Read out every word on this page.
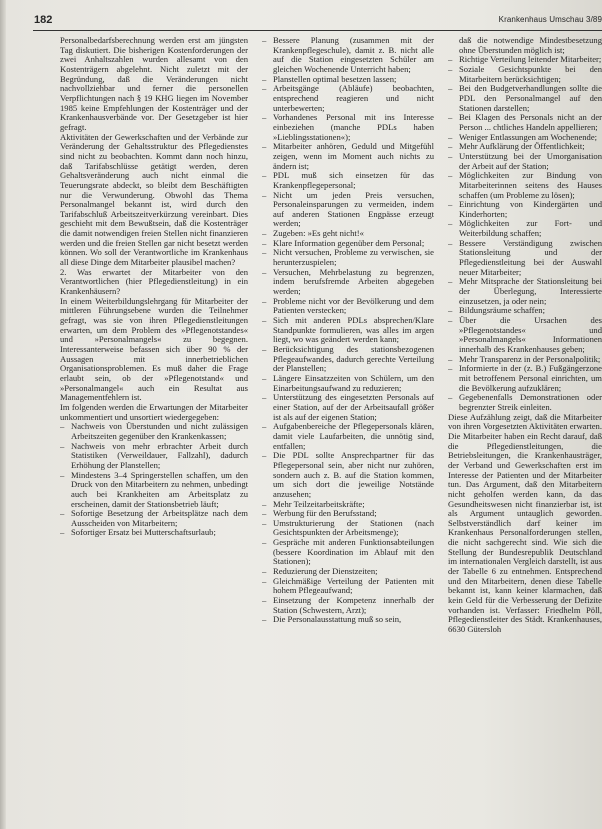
182	Krankenhaus Umschau 3/89

Personalbedarfsberechnung werden erst am jüngsten Tag diskutiert. Die bisherigen Kostenforderungen der zwei Anhaltszahlen wurden allesamt von den Kostenträgern abgelehnt. Nicht zuletzt mit der Begründung, daß die Veränderungen nicht nachvollziehbar und ferner die personellen Verpflichtungen nach § 19 KHG liegen im November 1985 keine Empfehlungen der Kostenträger und der Krankenhausverbände vor. Der Gesetzgeber ist hier gefragt.

Aktivitäten der Gewerkschaften und der Verbände zur Veränderung der Gehaltsstruktur des Pflegedienstes sind nicht zu beobachten. Kommt dann noch hinzu, daß Tarifabschlüsse getätigt werden, deren Gehaltsveränderung auch nicht einmal die Teuerungsrate abdeckt, so bleibt dem Beschäftigten nur die Verwunderung. Obwohl das Thema Personalmangel bekannt ist, wird durch den Tarifabschluß Arbeitszeitverkürzung vereinbart. Dies geschieht mit dem Bewußtsein, daß die Kostenträger die damit notwendigen freien Stellen nicht finanzieren werden und die freien Stellen gar nicht besetzt werden können. Wo soll der Verantwortliche im Krankenhaus all diese Dinge dem Mitarbeiter plausibel machen?

2. Was erwartet der Mitarbeiter von den Verantwortlichen (hier Pflegedienstleitung) in ein Krankenhäusern?

In einem Weiterbildungslehrgang für Mitarbeiter der mittleren Führungsebene wurden die Teilnehmer gefragt, was sie von ihren Pflegedienstleitungen erwarten, um dem Problem des »Pflegenotstandes« und »Personalmangels« zu begegnen. Interessanterweise befassen sich über 90 % der Aussagen mit innerbetrieblichen Organisationsproblemen. Es muß daher die Frage erlaubt sein, ob der »Pflegenotstand« und »Personalmangel« auch ein Resultat aus Managementfehlern ist.

Im folgenden werden die Erwartungen der Mitarbeiter unkommentiert und unsortiert wiedergegeben:

– Nachweis von Überstunden und nicht zulässigen Arbeitszeiten gegenüber den Krankenkassen;
– Nachweis von mehr erbrachter Arbeit durch Statistiken (Verweildauer, Fallzahl), dadurch Erhöhung der Planstellen;
– Mindestens 3–4 Springerstellen schaffen, um den Druck von den Mitarbeitern zu nehmen, unbedingt auch bei Krankheiten am Arbeitsplatz zu erscheinen, damit der Stationsbetrieb läuft;
– Sofortige Besetzung der Arbeitsplätze nach dem Ausscheiden von Mitarbeitern;
– Sofortiger Ersatz bei Mutterschaftsurlaub;
– Bessere Planung (zusammen mit der Krankenpflegeschule), damit z. B. nicht alle auf die Station eingesetzten Schüler am gleichen Wochenende Unterricht haben;
– Planstellen optimal besetzen lassen;
– Arbeitsgänge (Abläufe) beobachten, entsprechend reagieren und nicht unterbewerten;
– Vorhandenes Personal mit ins Interesse einbeziehen (manche PDLs haben »Lieblingsstationen«);
– Mitarbeiter anhören, Geduld und Mitgefühl zeigen, wenn im Moment auch nichts zu ändern ist;
– PDL muß sich einsetzen für das Krankenpflegepersonal;
– Nicht um jeden Preis versuchen, Personaleinsparungen zu vermeiden, indem auf anderen Stationen Engpässe erzeugt werden;
– Zugeben: »Es geht nicht!«
– Klare Information gegenüber dem Personal;
– Nicht versuchen, Probleme zu verwischen, sie herunterzuspielen;
– Versuchen, Mehrbelastung zu begrenzen, indem berufsfremde Arbeiten abgegeben werden;
– Probleme nicht vor der Bevölkerung und dem Patienten verstecken;
– Sich mit anderen PDLs absprechen/Klare Standpunkte formulieren, was alles im argen liegt, wo was geändert werden kann;
– Berücksichtigung des stationsbezogenen Pflegeaufwandes, dadurch gerechte Verteilung der Planstellen;
– Längere Einsatzzeiten von Schülern, um den Einarbeitungsaufwand zu reduzieren;
– Unterstützung des eingesetzten Personals auf einer Station, auf der der Arbeitsaufall größer ist als auf der eigenen Station;
– Aufgabenbereiche der Pflegepersonals klären, damit viele Laufarbeiten, die unnötig sind, entfallen;
– Die PDL sollte Ansprechpartner für das Pflegepersonal sein, aber nicht nur zuhören, sondern auch z. B. auf die Station kommen, um sich dort die jeweilige Notstände anzusehen;
– Mehr Teilzeitarbeitskräfte;
– Werbung für den Berufsstand;
– Umstrukturierung der Stationen (nach Gesichtspunkten der Arbeitsmenge);
– Gespräche mit anderen Funktionsabteilungen (bessere Koordination im Ablauf mit den Stationen);
– Reduzierung der Dienstzeiten;
– Gleichmäßige Verteilung der Patienten mit hohem Pflegeaufwand;
– Einsetzung der Kompetenz innerhalb der Station (Schwestern, Arzt);
– Die Personalausstattung muß so sein,
daß die notwendige Mindestbesetzung ohne Überstunden möglich ist;
– Richtige Verteilung leitender Mitarbeiter;
– Soziale Gesichtspunkte bei den Mitarbeitern berücksichtigen;
– Bei den Budgetverhandlungen sollte die PDL den Personalmangel auf den Stationen darstellen;
– Bei Klagen des Personals nicht an der Person ... chtliches Handeln appellieren;
– Weniger Entlassungen am Wochenende;
– Mehr Aufklärung der Öffentlichkeit;
– Unterstützung bei der Umorganisation der Arbeit auf der Station;
– Möglichkeiten zur Bindung von Mitarbeiterinnen seitens des Hauses schaffen (um Probleme zu lösen);
– Einrichtung von Kindergärten und Kinderhorten;
– Möglichkeiten zur Fort- und Weiterbildung schaffen;
– Bessere Verständigung zwischen Stationsleitung und der Pflegedienstleitung bei der Auswahl neuer Mitarbeiter;
– Mehr Mitsprache der Stationsleitung bei der Überlegung, Interessierte einzusetzen, ja oder nein;
– Bildungsräume schaffen;
– Über die Ursachen des »Pflegenotstandes« und »Personalmangels« Informationen innerhalb des Krankenhauses geben;
– Mehr Transparenz in der Personalpolitik;
– Informierte in der (z. B.) Fußgängerzone mit betroffenem Personal einrichten, um die Bevölkerung aufzuklären;
– Gegebenenfalls Demonstrationen oder begrenzter Streik einleiten.

Diese Aufzählung zeigt, daß die Mitarbeiter von ihren Vorgesetzten Aktivitäten erwarten. Die Mitarbeiter haben ein Recht darauf, daß die Pflegedienstleitungen, die Betriebsleitungen, die Krankenhausträger, der Verband und Gewerkschaften erst im Interesse der Patienten und der Mitarbeiter tun. Das Argument, daß den Mitarbeitern nicht geholfen werden kann, da das Gesundheitswesen nicht finanzierbar ist, ist als Argument untauglich geworden. Selbstverständlich darf keiner im Krankenhaus Personalforderungen stellen, die nicht sachgerecht sind. Wie sich die Stellung der Bundesrepublik Deutschland im internationalen Vergleich darstellt, ist aus der Tabelle 6 zu entnehmen. Entsprechend und den Mitarbeitern, denen diese Tabelle bekannt ist, kann keiner klarmachen, daß kein Geld für die Verbesserung der Defizite vorhanden ist. Verfasser: Friedhelm Pöll, Pflegedienstleiter des Städt. Krankenhauses, 6630 Gütersloh
